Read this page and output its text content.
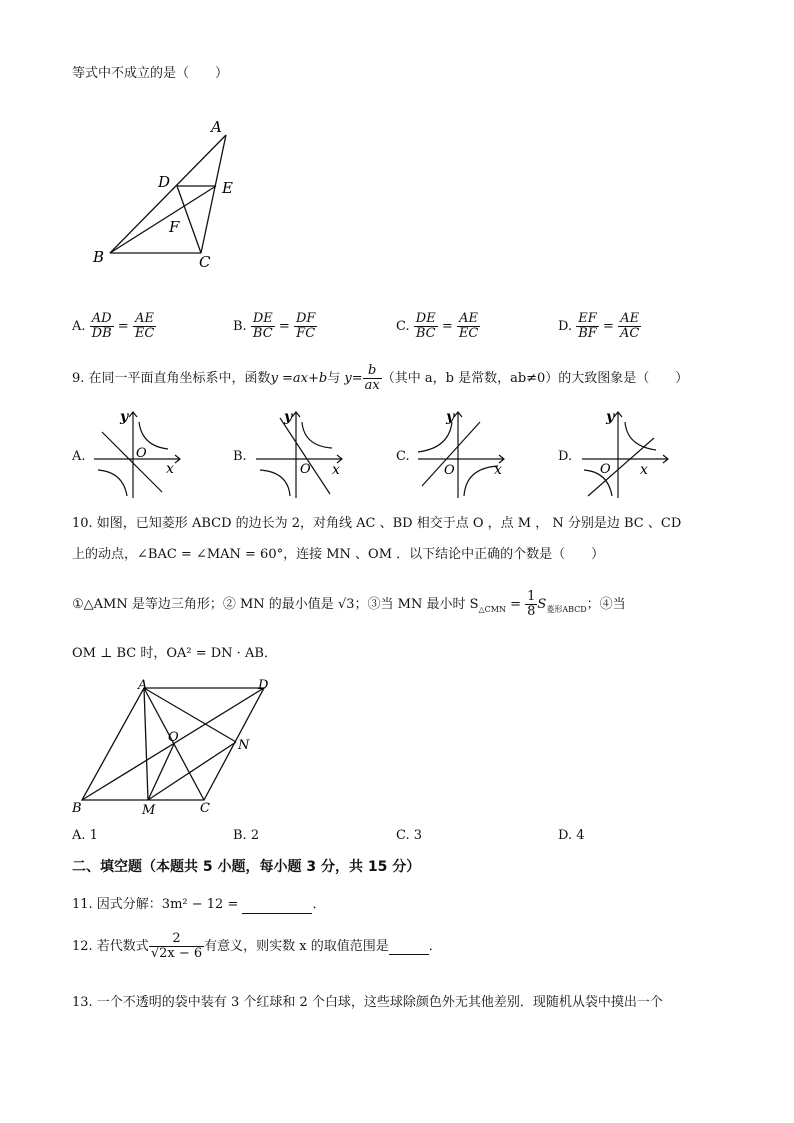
等式中不成立的是（　　）
A
D	E
F
B	C
A. $\frac{AD}{DB} = \frac{AE}{EC}$	B. $\frac{DE}{BC} = \frac{DF}{FC}$	C. $\frac{DE}{BC} = \frac{AE}{EC}$	D. $\frac{EF}{BF} = \frac{AE}{AC}$
9. 在同一平面直角坐标系中，函数y =ax+b与 $y= \frac{b}{ax}$ （其中 a，b 是常数，ab≠0）的大致图象是（　　）
A.
y
O
x
B.
y
O x
C.
y
O	x
D.
y
O x
10. 如图，已知菱形 ABCD 的边长为 2，对角线 AC 、BD 相交于点 O ，点 M ， N 分别是边 BC 、CD
上的动点，∠BAC = ∠MAN = 60°，连接 MN 、OM ．以下结论中正确的个数是（　　）
①△AMN 是等边三角形；② MN 的最小值是 √3；③当 MN 最小时 $S_{\triangle CMN} = \frac{1}{8} S_{菱形ABCD}$；④当
OM ⊥ BC 时，OA² = DN · AB．
A	D
O
N
B	M	C
A. 1	B. 2	C. 3	D. 4
二、填空题（本题共 5 小题，每小题 3 分，共 15 分）
11. 因式分解：3m² − 12 =	．
12. 若代数式 $\frac{2}{√2x - 6}$ 有意义，则实数 x 的取值范围是	．
13. 一个不透明的袋中装有 3 个红球和 2 个白球，这些球除颜色外无其他差别．现随机从袋中摸出一个
